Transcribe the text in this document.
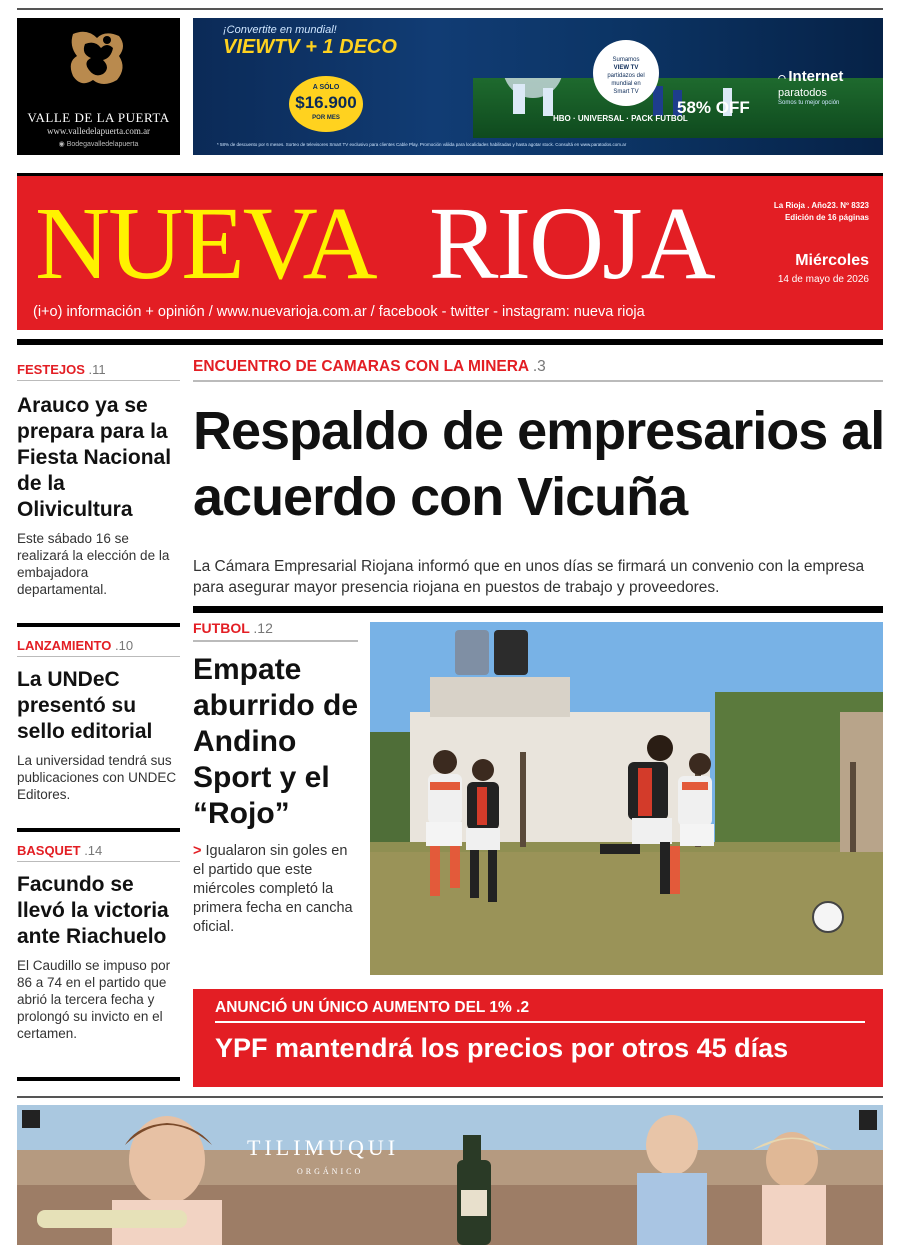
VALLE DE LA PUERTA
www.valledelapuerta.com.ar
◉ Bodegavalledelapuerta
¡Convertite en mundial!
VIEWTV + 1 DECO
A SÓLO
$16.900
POR MES
Sumamos
VIEW TV
partidazos del
mundial en
Smart TV
HBO · UNIVERSAL · PACK FUTBOL
58% OFF
◠ Internet
paratodos
Somos tu mejor opción
* 58% de descuento por 6 meses. Sorteo de televisores Smart TV exclusivo para clientes Cable Play. Promoción válida para localidades habilitadas y hasta agotar stock. Consultá en www.paratodos.com.ar
NUEVA RIOJA	La Rioja . Año23. Nº 8323
Edición de 16 páginas
Miércoles
14 de mayo de 2026
(i+o) información + opinión / www.nuevarioja.com.ar / facebook - twitter - instagram: nueva rioja
FESTEJOS .11
Arauco ya se prepara para la Fiesta Nacional de la Olivicultura
Este sábado 16 se realizará la elección de la embajadora departamental.
LANZAMIENTO .10
La UNDeC presentó su sello editorial
La universidad tendrá sus publicaciones con UNDEC Editores.
BASQUET .14
Facundo se llevó la victoria ante Riachuelo
El Caudillo se impuso por 86 a 74 en el partido que abrió la tercera fecha y prolongó su invicto en el certamen.
ENCUENTRO DE CAMARAS CON LA MINERA .3
Respaldo de empresarios al acuerdo con Vicuña
La Cámara Empresarial Riojana informó que en unos días se firmará un convenio con la empresa para asegurar mayor presencia riojana en puestos de trabajo y proveedores.
FUTBOL .12
Empate aburrido de Andino Sport y el “Rojo”
> Igualaron sin goles en el partido que este miércoles completó la primera fecha en cancha oficial.
ANUNCIÓ UN ÚNICO AUMENTO DEL 1% .2
YPF mantendrá los precios por otros 45 días
TILIMUQUI
ORGÁNICO
